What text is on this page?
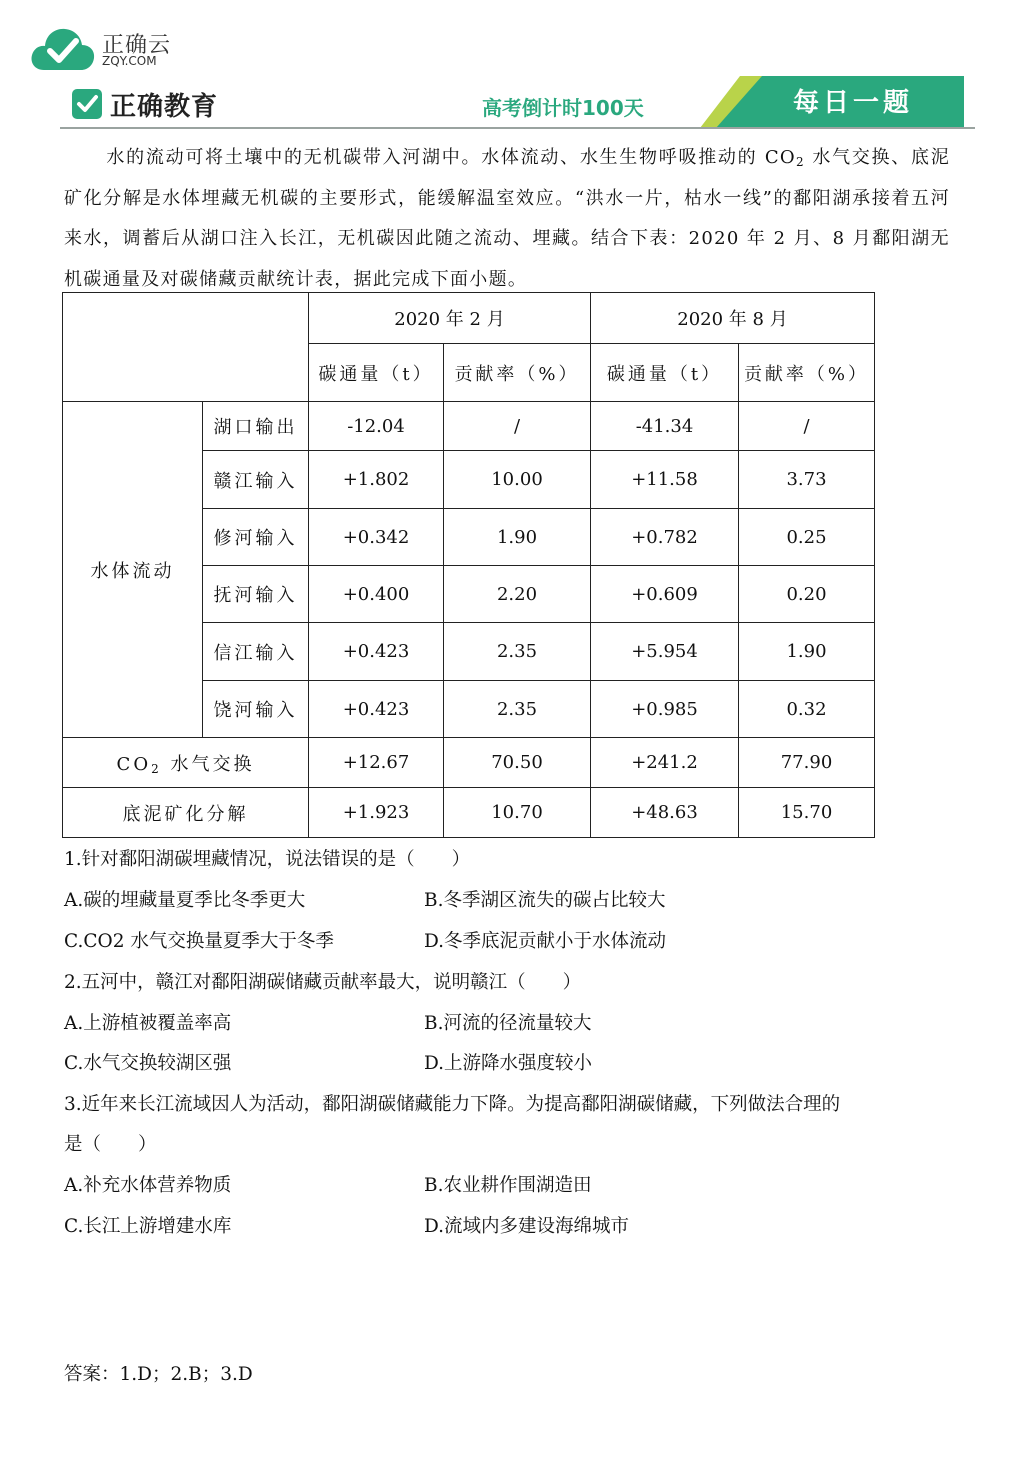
正确云
ZQY.COM
正确教育	高考倒计时100天	每日一题
水的流动可将土壤中的无机碳带入河湖中。水体流动、水生生物呼吸推动的 $CO_2$ 水气交换、底泥矿化分解是水体埋藏无机碳的主要形式，能缓解温室效应。“洪水一片，枯水一线”的鄱阳湖承接着五河来水，调蓄后从湖口注入长江，无机碳因此随之流动、埋藏。结合下表：2020 年 2 月、8 月鄱阳湖无机碳通量及对碳储藏贡献统计表，据此完成下面小题。
		2020 年 2 月		2020 年 8 月	
		碳通量（t）	贡献率（%）	碳通量（t）	贡献率（%）
水体流动	湖口输出	-12.04	/	-41.34	/
	赣江输入	+1.802	10.00	+11.58	3.73
	修河输入	+0.342	1.90	+0.782	0.25
	抚河输入	+0.400	2.20	+0.609	0.20
	信江输入	+0.423	2.35	+5.954	1.90
	饶河输入	+0.423	2.35	+0.985	0.32
$CO_2$ 水气交换		+12.67	70.50	+241.2	77.90
底泥矿化分解		+1.923	10.70	+48.63	15.70
1.针对鄱阳湖碳埋藏情况，说法错误的是（　　）
A.碳的埋藏量夏季比冬季更大	B.冬季湖区流失的碳占比较大
C.CO2 水气交换量夏季大于冬季	D.冬季底泥贡献小于水体流动
2.五河中，赣江对鄱阳湖碳储藏贡献率最大，说明赣江（　　）
A.上游植被覆盖率高	B.河流的径流量较大
C.水气交换较湖区强	D.上游降水强度较小
3.近年来长江流域因人为活动，鄱阳湖碳储藏能力下降。为提高鄱阳湖碳储藏，下列做法合理的
是（　　）
A.补充水体营养物质	B.农业耕作围湖造田
C.长江上游增建水库	D.流域内多建设海绵城市
答案：1.D；2.B；3.D
